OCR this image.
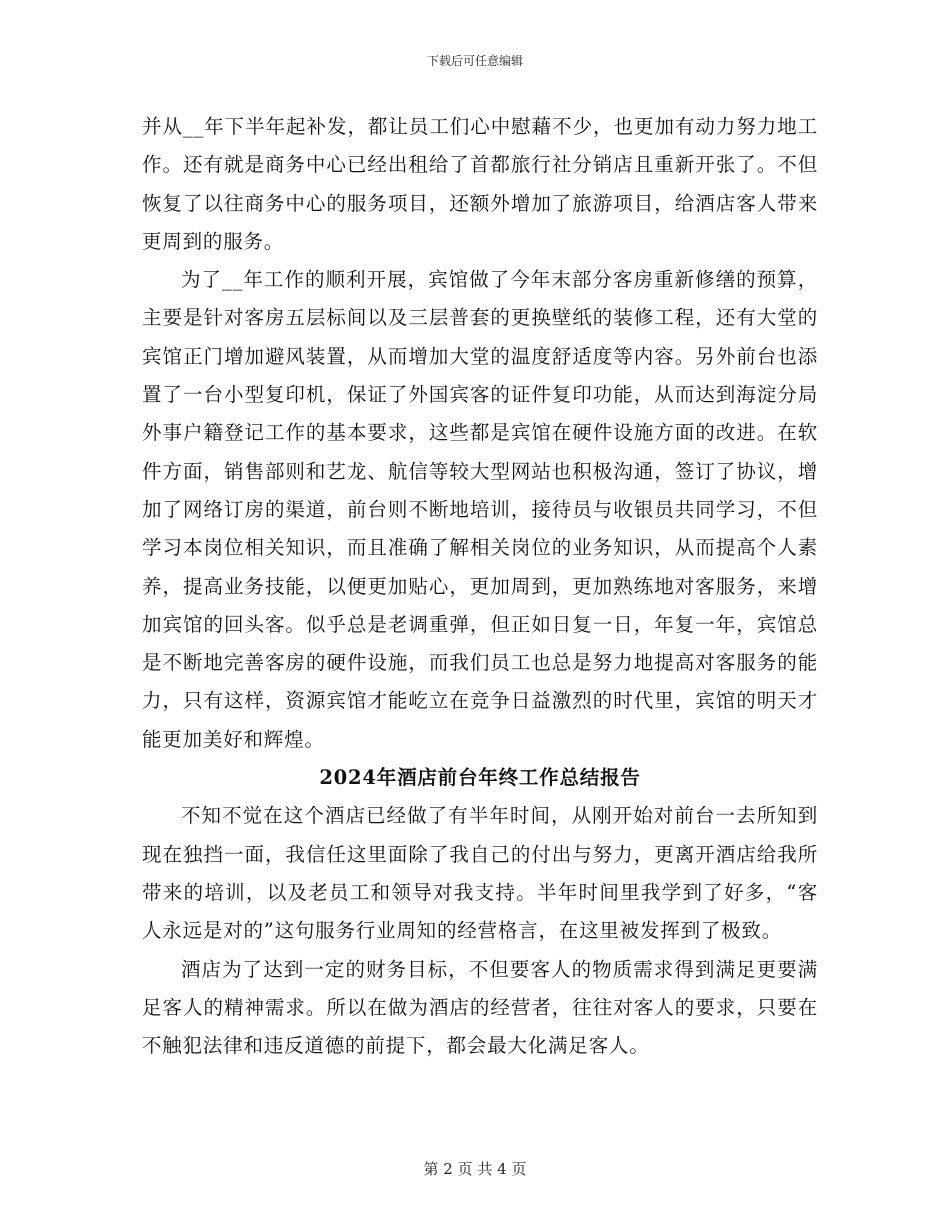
下载后可任意编辑

并从__年下半年起补发，都让员工们心中慰藉不少，也更加有动力努力地工作。还有就是商务中心已经出租给了首都旅行社分销店且重新开张了。不但恢复了以往商务中心的服务项目，还额外增加了旅游项目，给酒店客人带来更周到的服务。

为了__年工作的顺利开展，宾馆做了今年末部分客房重新修缮的预算，主要是针对客房五层标间以及三层普套的更换壁纸的装修工程，还有大堂的宾馆正门增加避风装置，从而增加大堂的温度舒适度等内容。另外前台也添置了一台小型复印机，保证了外国宾客的证件复印功能，从而达到海淀分局外事户籍登记工作的基本要求，这些都是宾馆在硬件设施方面的改进。在软件方面，销售部则和艺龙、航信等较大型网站也积极沟通，签订了协议，增加了网络订房的渠道，前台则不断地培训，接待员与收银员共同学习，不但学习本岗位相关知识，而且准确了解相关岗位的业务知识，从而提高个人素养，提高业务技能，以便更加贴心，更加周到，更加熟练地对客服务，来增加宾馆的回头客。似乎总是老调重弹，但正如日复一日，年复一年，宾馆总是不断地完善客房的硬件设施，而我们员工也总是努力地提高对客服务的能力，只有这样，资源宾馆才能屹立在竞争日益激烈的时代里，宾馆的明天才能更加美好和辉煌。

2024年酒店前台年终工作总结报告

不知不觉在这个酒店已经做了有半年时间，从刚开始对前台一去所知到现在独挡一面，我信任这里面除了我自己的付出与努力，更离开酒店给我所带来的培训，以及老员工和领导对我支持。半年时间里我学到了好多，“客人永远是对的”这句服务行业周知的经营格言，在这里被发挥到了极致。

酒店为了达到一定的财务目标，不但要客人的物质需求得到满足更要满足客人的精神需求。所以在做为酒店的经营者，往往对客人的要求，只要在不触犯法律和违反道德的前提下，都会最大化满足客人。

第 2 页 共 4 页
